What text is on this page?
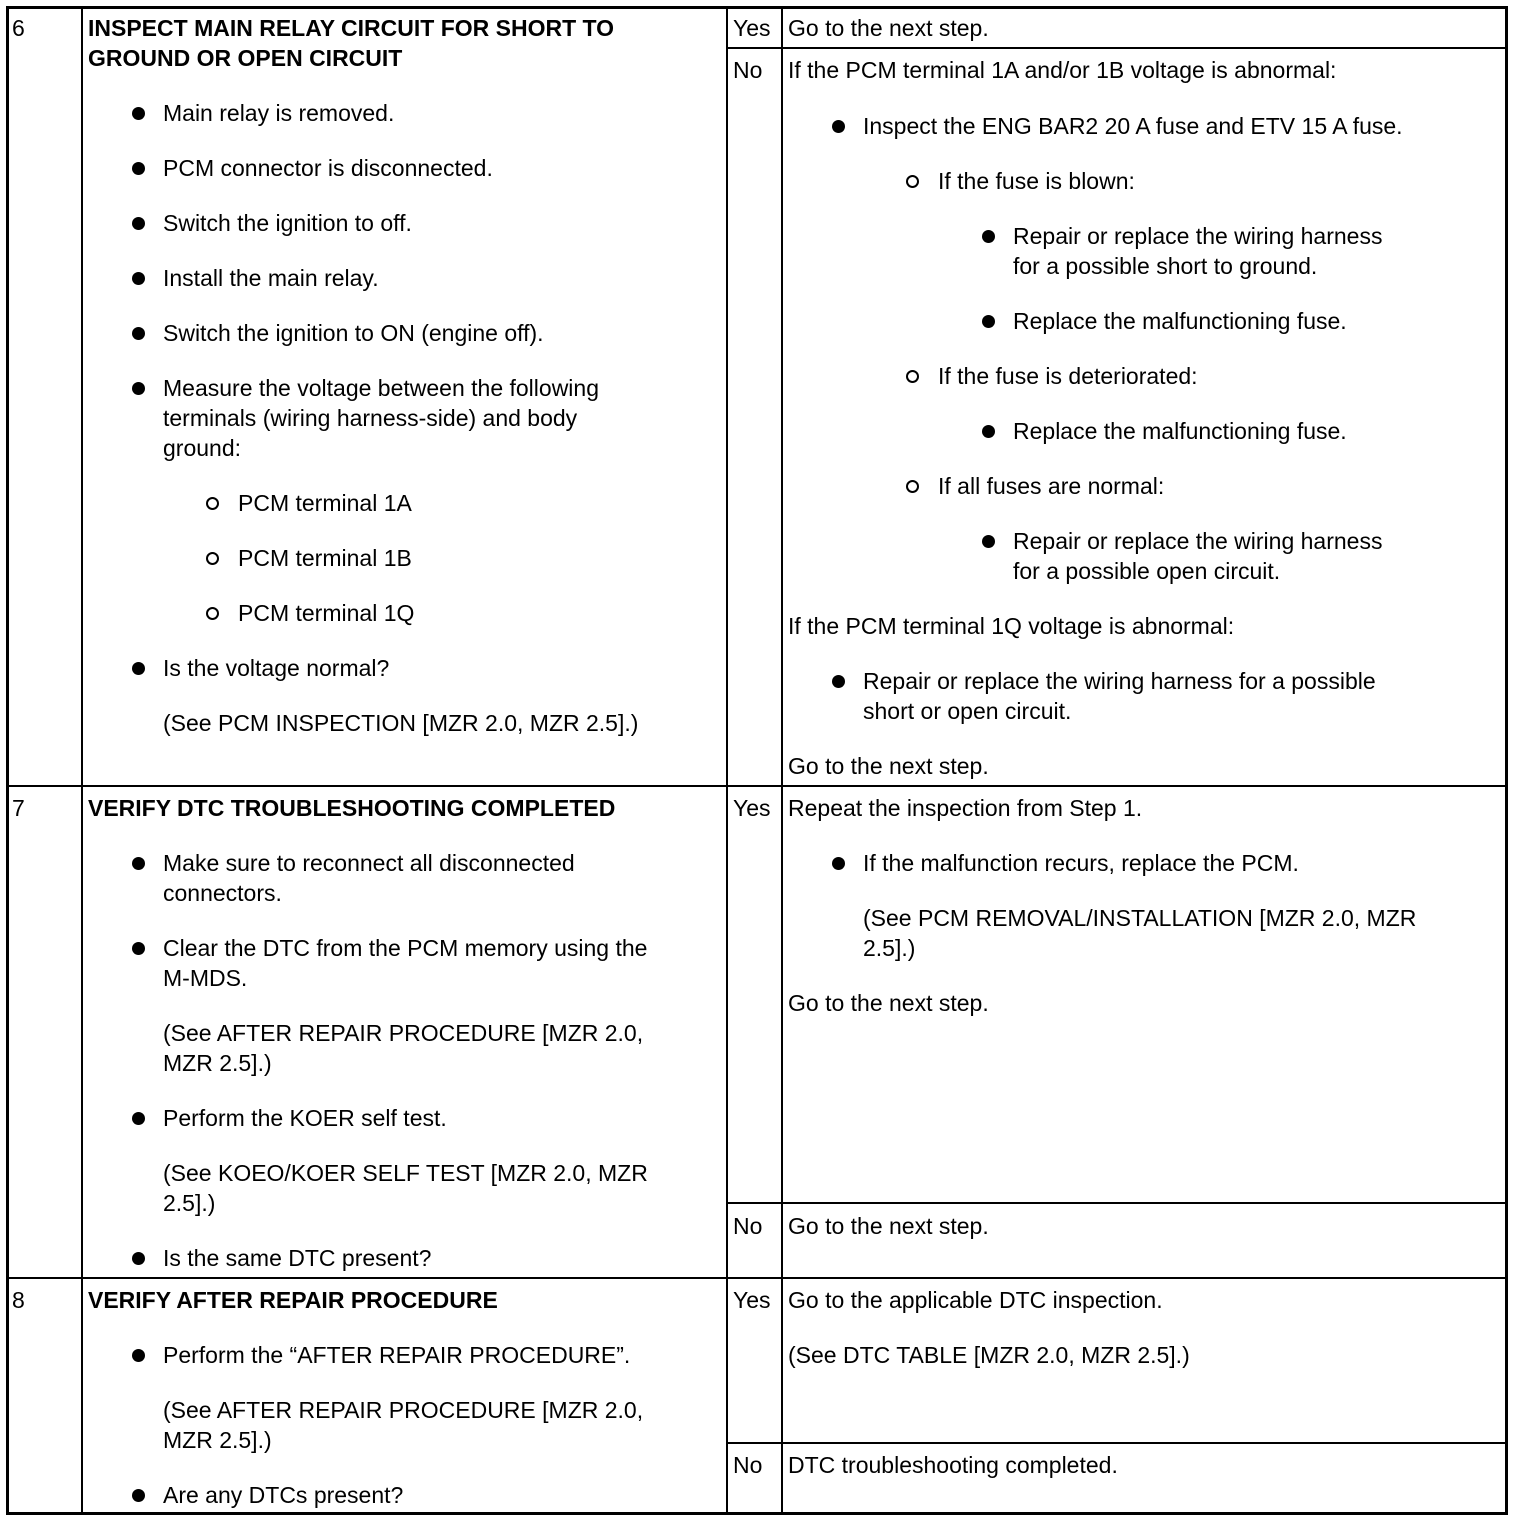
6	INSPECT MAIN RELAY CIRCUIT FOR SHORT TO
GROUND OR OPEN CIRCUIT
Main relay is removed.
PCM connector is disconnected.
Switch the ignition to off.
Install the main relay.
Switch the ignition to ON (engine off).
Measure the voltage between the following
terminals (wiring harness-side) and body
ground:
PCM terminal 1A
PCM terminal 1B
PCM terminal 1Q
Is the voltage normal?
(See PCM INSPECTION [MZR 2.0, MZR 2.5].)
Yes Go to the next step.
No If the PCM terminal 1A and/or 1B voltage is abnormal:
Inspect the ENG BAR2 20 A fuse and ETV 15 A fuse.
If the fuse is blown:
Repair or replace the wiring harness
for a possible short to ground.
Replace the malfunctioning fuse.
If the fuse is deteriorated:
Replace the malfunctioning fuse.
If all fuses are normal:
Repair or replace the wiring harness
for a possible open circuit.
If the PCM terminal 1Q voltage is abnormal:
Repair or replace the wiring harness for a possible
short or open circuit.
Go to the next step.
7	VERIFY DTC TROUBLESHOOTING COMPLETED
Make sure to reconnect all disconnected
connectors.
Clear the DTC from the PCM memory using the
M-MDS.
(See AFTER REPAIR PROCEDURE [MZR 2.0,
MZR 2.5].)
Perform the KOER self test.
(See KOEO/KOER SELF TEST [MZR 2.0, MZR
2.5].)
Is the same DTC present?
Yes Repeat the inspection from Step 1.
If the malfunction recurs, replace the PCM.
(See PCM REMOVAL/INSTALLATION [MZR 2.0, MZR
2.5].)
Go to the next step.
No Go to the next step.
8	VERIFY AFTER REPAIR PROCEDURE
Perform the “AFTER REPAIR PROCEDURE”.
(See AFTER REPAIR PROCEDURE [MZR 2.0,
MZR 2.5].)
Are any DTCs present?
Yes Go to the applicable DTC inspection.
(See DTC TABLE [MZR 2.0, MZR 2.5].)
No DTC troubleshooting completed.
